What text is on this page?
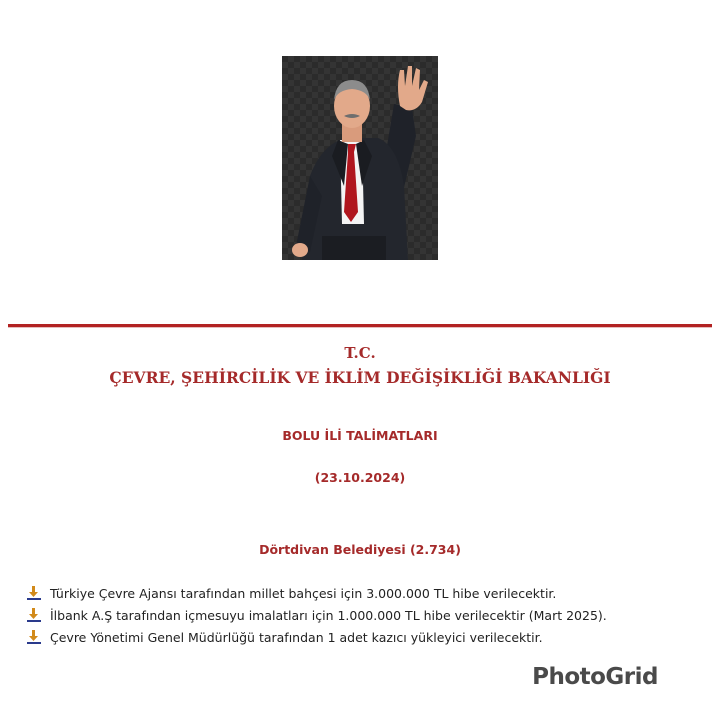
T.C.
ÇEVRE, ŞEHİRCİLİK VE İKLİM DEĞİŞİKLİĞİ BAKANLIĞI
BOLU İLİ TALİMATLARI
(23.10.2024)
Dörtdivan Belediyesi (2.734)
Türkiye Çevre Ajansı tarafından millet bahçesi için 3.000.000 TL hibe verilecektir.
İlbank A.Ş tarafından içmesuyu imalatları için 1.000.000 TL hibe verilecektir (Mart 2025).
Çevre Yönetimi Genel Müdürlüğü tarafından 1 adet kazıcı yükleyici verilecektir.
PhotoGrid
